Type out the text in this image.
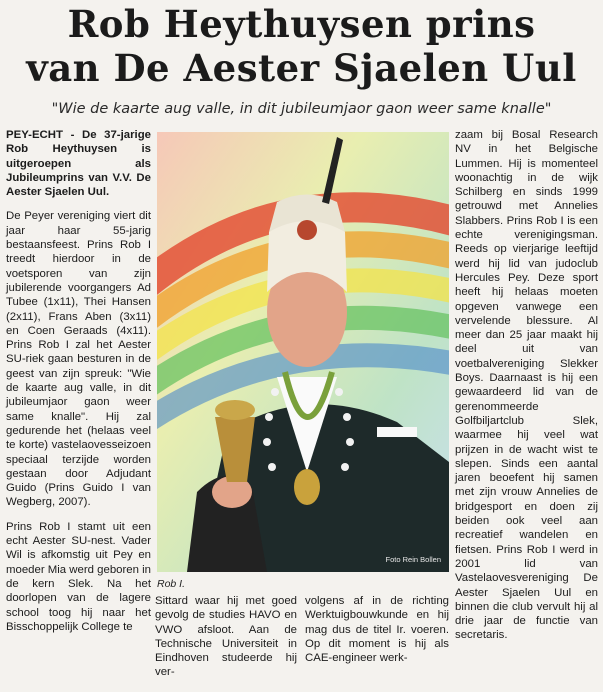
Rob Heythuysen prins
van De Aester Sjaelen Uul
"Wie de kaarte aug valle, in dit jubileumjaor gaon weer same knalle"

PEY-ECHT - De 37-jarige Rob Heythuysen is uitgeroepen als Jubileumprins van V.V. De Aester Sjaelen Uul.

De Peyer vereniging viert dit jaar haar 55-jarig bestaansfeest. Prins Rob I treedt hierdoor in de voetsporen van zijn jubilerende voorgangers Ad Tubee (1x11), Thei Hansen (2x11), Frans Aben (3x11) en Coen Geraads (4x11). Prins Rob I zal het Aester SU-riek gaan besturen in de geest van zijn spreuk: "Wie de kaarte aug valle, in dit jubileumjaor gaon weer same knalle". Hij zal gedurende het (helaas veel te korte) vastelaovesseizoen speciaal terzijde worden gestaan door Adjudant Guido (Prins Guido I van Wegberg, 2007).

Prins Rob I stamt uit een echt Aester SU-nest. Vader Wil is afkomstig uit Pey en moeder Mia werd geboren in de kern Slek. Na het doorlopen van de lagere school toog hij naar het Bisschoppelijk College te

Foto Rein Bollen
Rob I.

Sittard waar hij met goed gevolg de studies HAVO en VWO afsloot. Aan de Technische Universiteit in Eindhoven studeerde hij ver-

volgens af in de richting Werktuigbouwkunde en hij mag dus de titel Ir. voeren. Op dit moment is hij als CAE-engineer werk-

zaam bij Bosal Research NV in het Belgische Lummen. Hij is momenteel woonachtig in de wijk Schilberg en sinds 1999 getrouwd met Annelies Slabbers. Prins Rob I is een echte verenigingsman. Reeds op vierjarige leeftijd werd hij lid van judoclub Hercules Pey. Deze sport heeft hij helaas moeten opgeven vanwege een vervelende blessure. Al meer dan 25 jaar maakt hij deel uit van voetbalvereniging Slekker Boys. Daarnaast is hij een gewaardeerd lid van de gerenommeerde Golfbiljartclub Slek, waarmee hij veel wat prijzen in de wacht wist te slepen. Sinds een aantal jaren beoefent hij samen met zijn vrouw Annelies de bridgesport en doen zij beiden ook veel aan recreatief wandelen en fietsen. Prins Rob I werd in 2001 lid van Vastelaovesvereniging De Aester Sjaelen Uul en binnen die club vervult hij al drie jaar de functie van secretaris.
